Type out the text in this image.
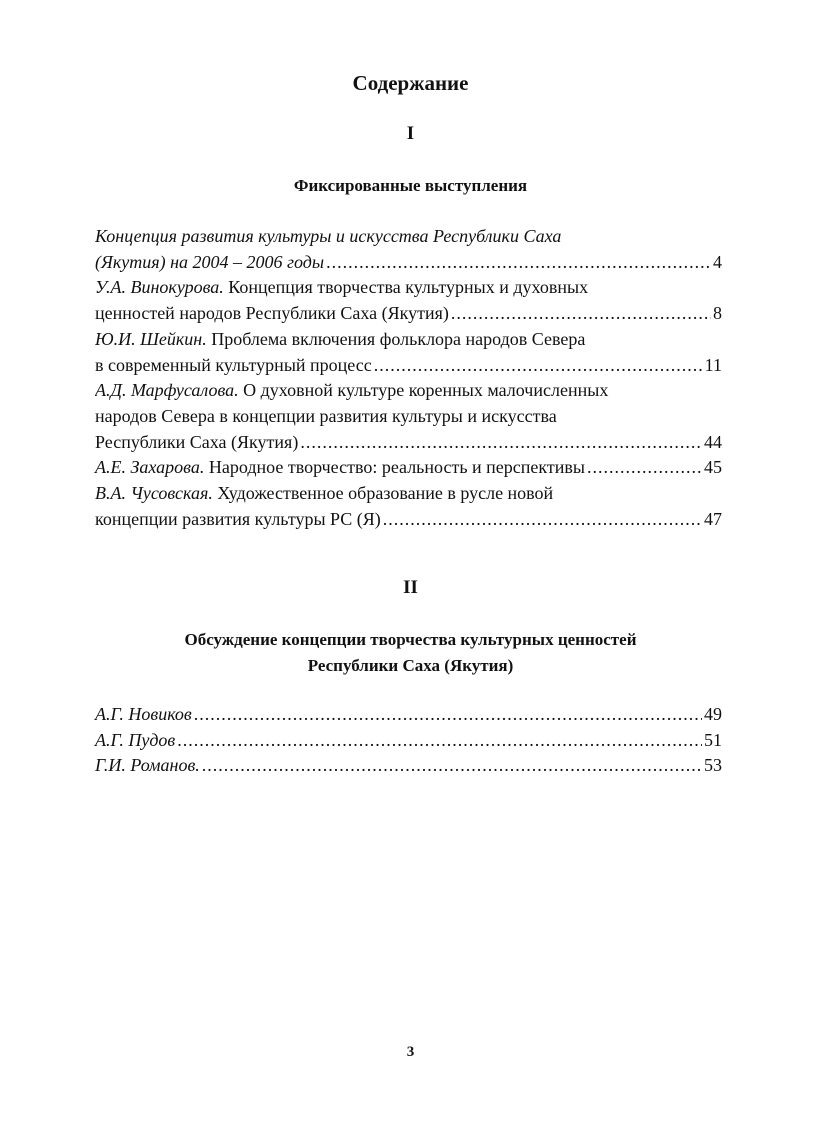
Содержание
I
Фиксированные выступления
Концепция развития культуры и искусства Республики Саха
(Якутия) на 2004 – 2006 годы .....	4
У.А. Винокурова. Концепция творчества культурных и духовных
ценностей народов Республики Саха (Якутия) .....	8
Ю.И. Шейкин. Проблема включения фольклора народов Севера
в современный культурный процесс .....	11
А.Д. Марфусалова. О духовной культуре коренных малочисленных
народов Севера в концепции развития культуры и искусства
Республики Саха (Якутия) .....	44
А.Е. Захарова. Народное творчество: реальность и перспективы .....	45
В.А. Чусовская. Художественное образование в русле новой
концепции развития культуры РС (Я) .....	47
II
Обсуждение концепции творчества культурных ценностей
Республики Саха (Якутия)
А.Г. Новиков .....	49
А.Г. Пудов .....	51
Г.И. Романов. .....	53
3
